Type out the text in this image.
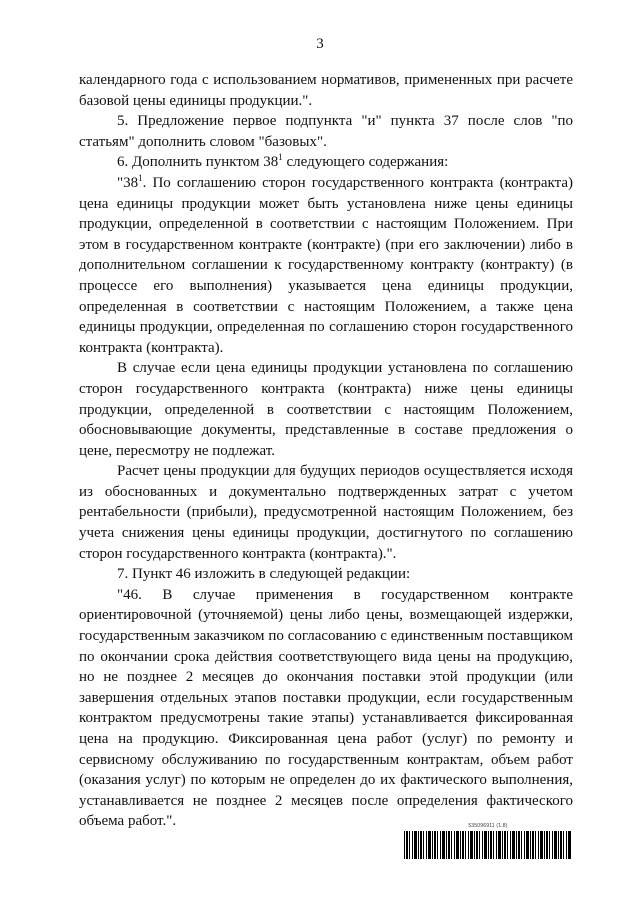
3

календарного года с использованием нормативов, примененных при расчете базовой цены единицы продукции.".

5. Предложение первое подпункта "и" пункта 37 после слов "по статьям" дополнить словом "базовых".

6. Дополнить пунктом $38^1$ следующего содержания:

"$38^1$. По соглашению сторон государственного контракта (контракта) цена единицы продукции может быть установлена ниже цены единицы продукции, определенной в соответствии с настоящим Положением. При этом в государственном контракте (контракте) (при его заключении) либо в дополнительном соглашении к государственному контракту (контракту) (в процессе его выполнения) указывается цена единицы продукции, определенная в соответствии с настоящим Положением, а также цена единицы продукции, определенная по соглашению сторон государственного контракта (контракта).

В случае если цена единицы продукции установлена по соглашению сторон государственного контракта (контракта) ниже цены единицы продукции, определенной в соответствии с настоящим Положением, обосновывающие документы, представленные в составе предложения о цене, пересмотру не подлежат.

Расчет цены продукции для будущих периодов осуществляется исходя из обоснованных и документально подтвержденных затрат с учетом рентабельности (прибыли), предусмотренной настоящим Положением, без учета снижения цены единицы продукции, достигнутого по соглашению сторон государственного контракта (контракта).".

7. Пункт 46 изложить в следующей редакции:

"46. В случае применения в государственном контракте ориентировочной (уточняемой) цены либо цены, возмещающей издержки, государственным заказчиком по согласованию с единственным поставщиком по окончании срока действия соответствующего вида цены на продукцию, но не позднее 2 месяцев до окончания поставки этой продукции (или завершения отдельных этапов поставки продукции, если государственным контрактом предусмотрены такие этапы) устанавливается фиксированная цена на продукцию. Фиксированная цена работ (услуг) по ремонту и сервисному обслуживанию по государственным контрактам, объем работ (оказания услуг) по которым не определен до их фактического выполнения, устанавливается не позднее 2 месяцев после определения фактического объема работ.".	535096911 (1.8)
